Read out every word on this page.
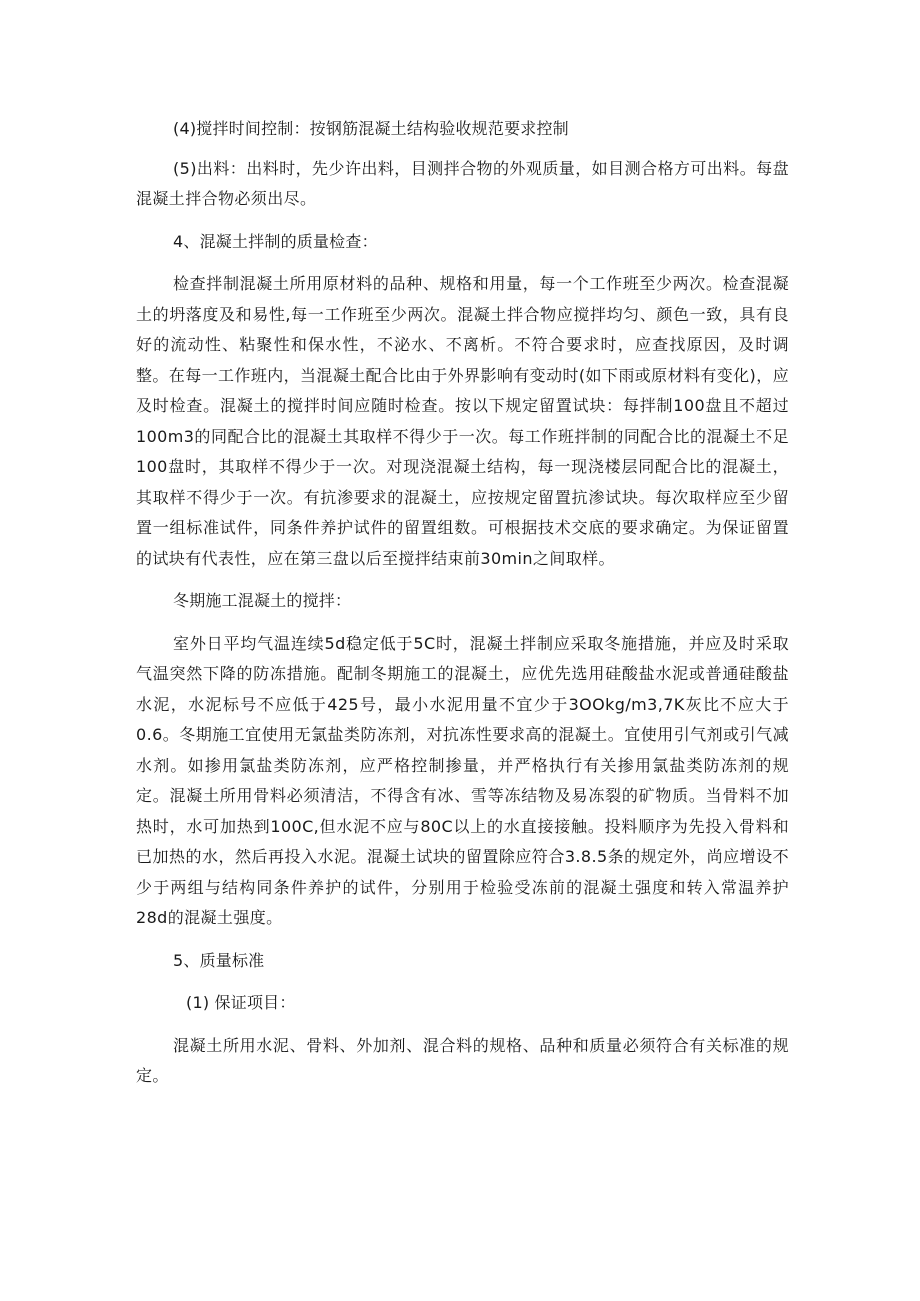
(4)搅拌时间控制：按钢筋混凝土结构验收规范要求控制

(5)出料：出料时，先少许出料，目测拌合物的外观质量，如目测合格方可出料。每盘混凝土拌合物必须出尽。

4、混凝土拌制的质量检查：

检查拌制混凝土所用原材料的品种、规格和用量，每一个工作班至少两次。检查混凝土的坍落度及和易性,每一工作班至少两次。混凝土拌合物应搅拌均匀、颜色一致，具有良好的流动性、粘聚性和保水性，不泌水、不离析。不符合要求时，应查找原因，及时调整。在每一工作班内，当混凝土配合比由于外界影响有变动时(如下雨或原材料有变化)，应及时检查。混凝土的搅拌时间应随时检查。按以下规定留置试块：每拌制100盘且不超过100m3的同配合比的混凝土其取样不得少于一次。每工作班拌制的同配合比的混凝土不足100盘时，其取样不得少于一次。对现浇混凝土结构，每一现浇楼层同配合比的混凝土，其取样不得少于一次。有抗渗要求的混凝土，应按规定留置抗渗试块。每次取样应至少留置一组标准试件，同条件养护试件的留置组数。可根据技术交底的要求确定。为保证留置的试块有代表性，应在第三盘以后至搅拌结束前30min之间取样。

冬期施工混凝土的搅拌：

室外日平均气温连续5d稳定低于5C时，混凝土拌制应采取冬施措施，并应及时采取气温突然下降的防冻措施。配制冬期施工的混凝土，应优先选用硅酸盐水泥或普通硅酸盐水泥，水泥标号不应低于425号，最小水泥用量不宜少于3OOkg∕m3,7K灰比不应大于0.6。冬期施工宜使用无氯盐类防冻剂，对抗冻性要求高的混凝土。宜使用引气剂或引气减水剂。如掺用氯盐类防冻剂，应严格控制掺量，并严格执行有关掺用氯盐类防冻剂的规定。混凝土所用骨料必须清洁，不得含有冰、雪等冻结物及易冻裂的矿物质。当骨料不加热时，水可加热到100C,但水泥不应与80C以上的水直接接触。投料顺序为先投入骨料和已加热的水，然后再投入水泥。混凝土试块的留置除应符合3.8.5条的规定外，尚应增设不少于两组与结构同条件养护的试件，分别用于检验受冻前的混凝土强度和转入常温养护28d的混凝土强度。

5、质量标准

(1) 保证项目：

混凝土所用水泥、骨料、外加剂、混合料的规格、品种和质量必须符合有关标准的规定。
